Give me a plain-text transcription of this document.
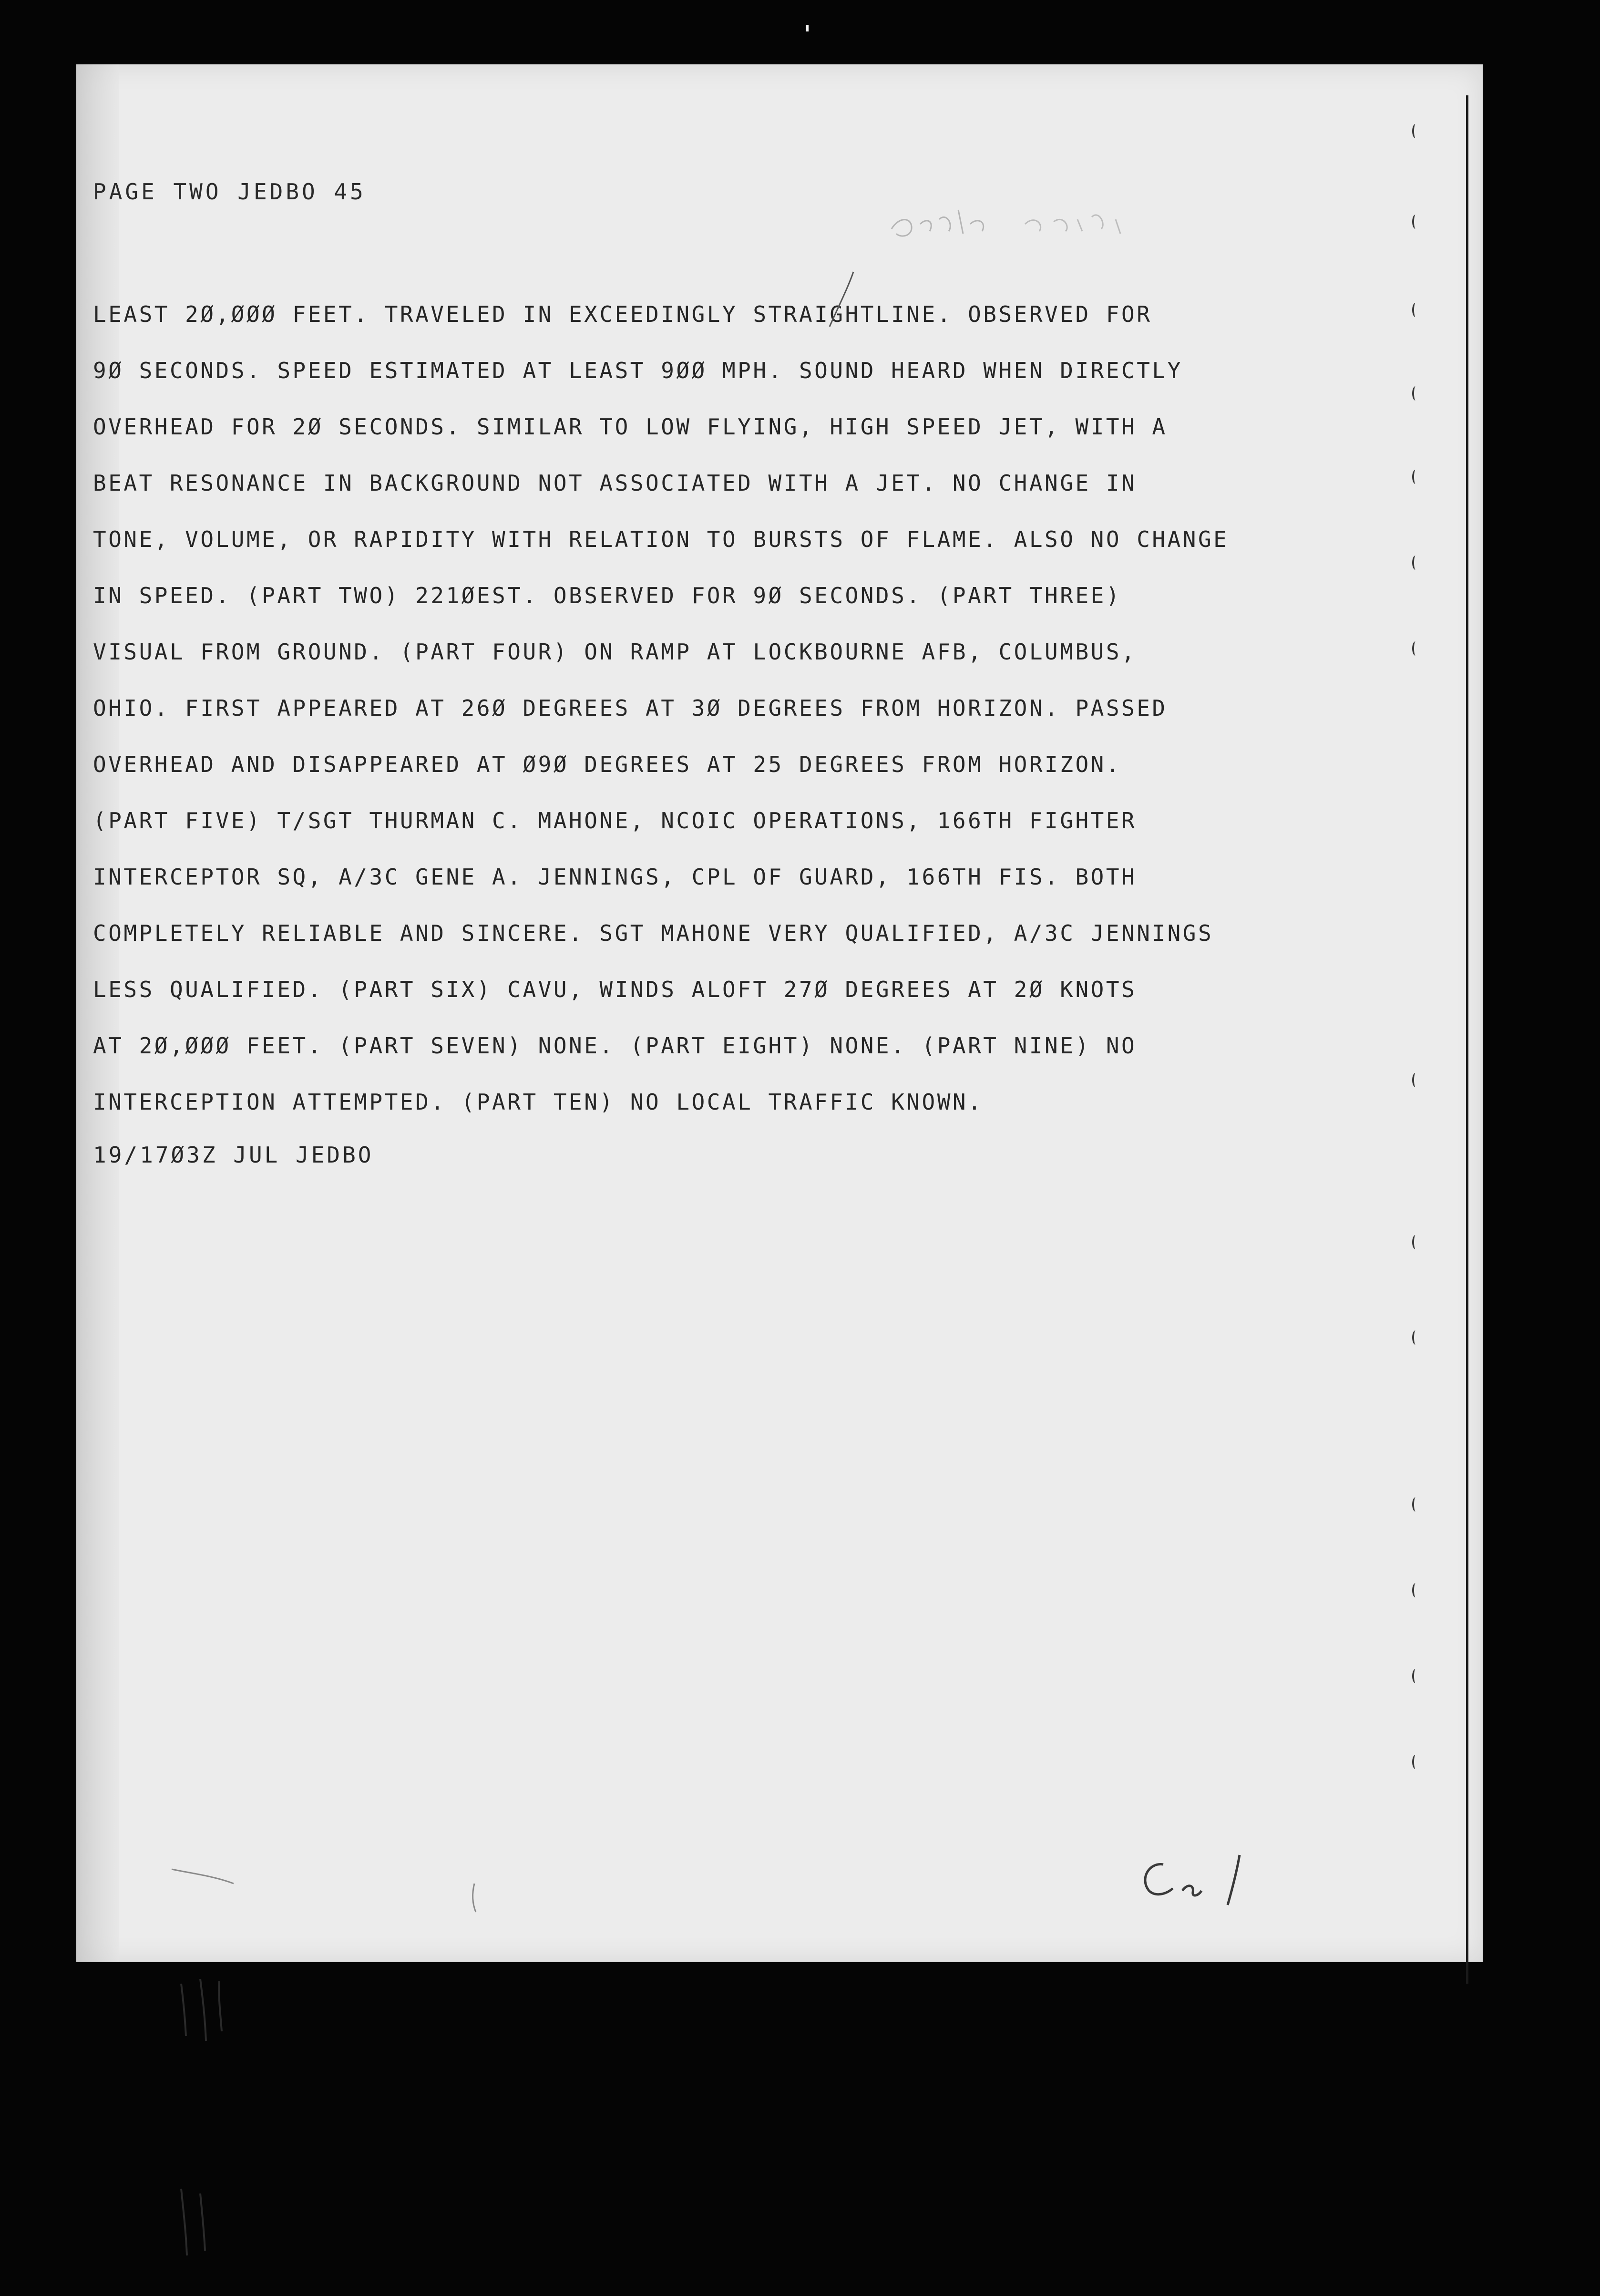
PAGE TWO JEDBO 45
LEAST 2Ø,ØØØ FEET. TRAVELED IN EXCEEDINGLY STRAIGHTLINE. OBSERVED FOR
9Ø SECONDS. SPEED ESTIMATED AT LEAST 9ØØ MPH. SOUND HEARD WHEN DIRECTLY
OVERHEAD FOR 2Ø SECONDS. SIMILAR TO LOW FLYING, HIGH SPEED JET, WITH A
BEAT RESONANCE IN BACKGROUND NOT ASSOCIATED WITH A JET. NO CHANGE IN
TONE, VOLUME, OR RAPIDITY WITH RELATION TO BURSTS OF FLAME. ALSO NO CHANGE
IN SPEED. (PART TWO) 221ØEST. OBSERVED FOR 9Ø SECONDS. (PART THREE)
VISUAL FROM GROUND. (PART FOUR) ON RAMP AT LOCKBOURNE AFB, COLUMBUS,
OHIO. FIRST APPEARED AT 26Ø DEGREES AT 3Ø DEGREES FROM HORIZON. PASSED
OVERHEAD AND DISAPPEARED AT Ø9Ø DEGREES AT 25 DEGREES FROM HORIZON.
(PART FIVE) T/SGT THURMAN C. MAHONE, NCOIC OPERATIONS, 166TH FIGHTER
INTERCEPTOR SQ, A/3C GENE A. JENNINGS, CPL OF GUARD, 166TH FIS. BOTH
COMPLETELY RELIABLE AND SINCERE. SGT MAHONE VERY QUALIFIED, A/3C JENNINGS
LESS QUALIFIED. (PART SIX) CAVU, WINDS ALOFT 27Ø DEGREES AT 2Ø KNOTS
AT 2Ø,ØØØ FEET. (PART SEVEN) NONE. (PART EIGHT) NONE. (PART NINE) NO
INTERCEPTION ATTEMPTED. (PART TEN) NO LOCAL TRAFFIC KNOWN.
19/17Ø3Z JUL JEDBO
